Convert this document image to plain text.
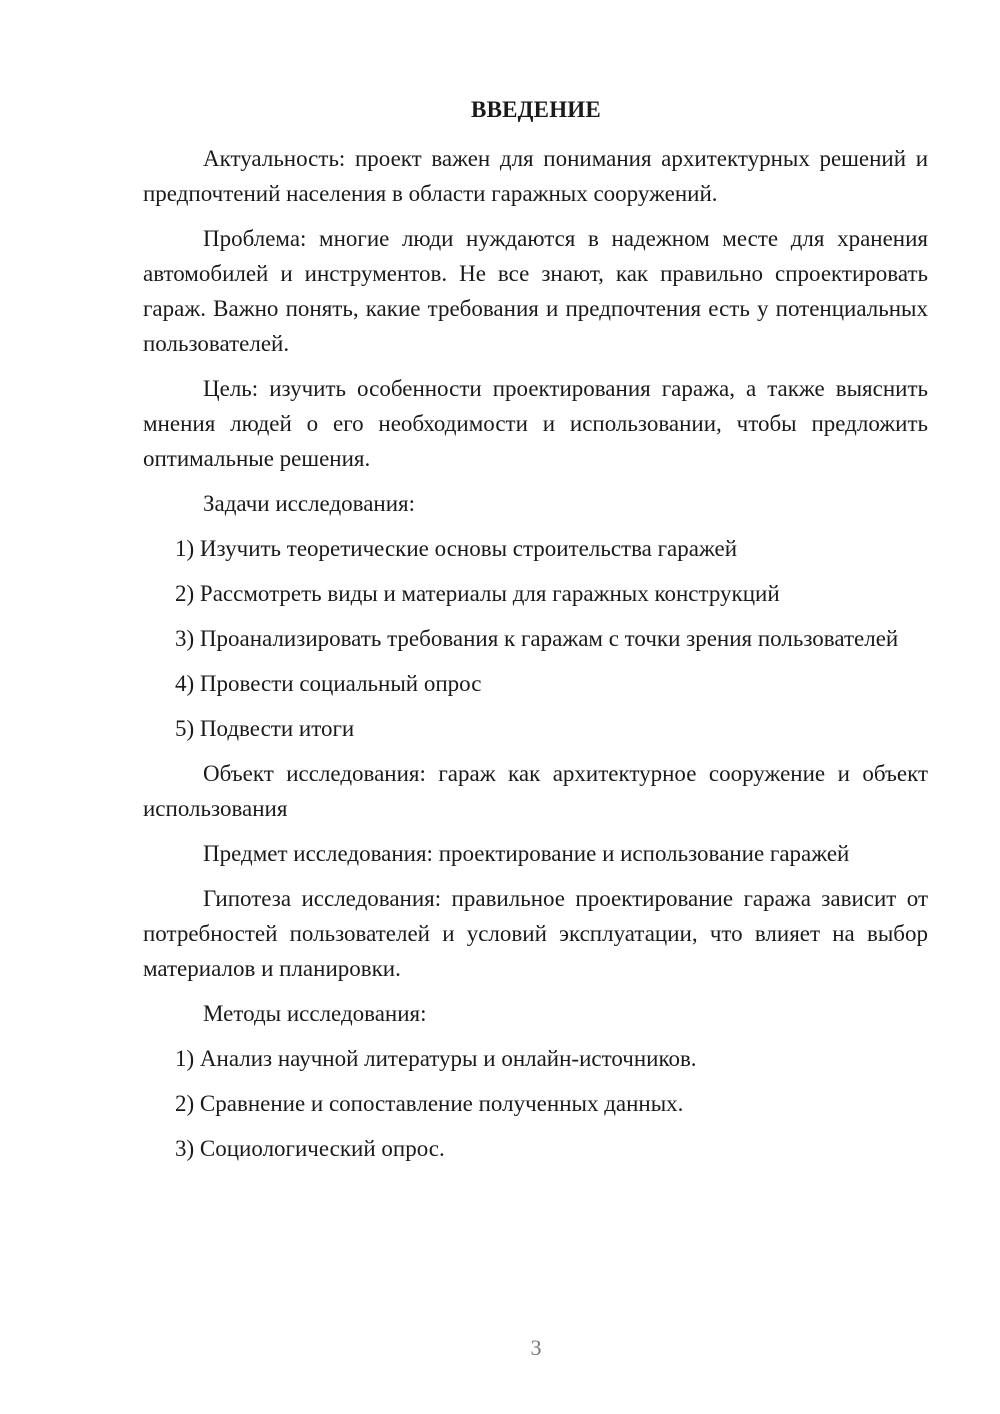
ВВЕДЕНИЕ

Актуальность: проект важен для понимания архитектурных решений и предпочтений населения в области гаражных сооружений.

Проблема: многие люди нуждаются в надежном месте для хранения автомобилей и инструментов. Не все знают, как правильно спроектировать гараж. Важно понять, какие требования и предпочтения есть у потенциальных пользователей.

Цель: изучить особенности проектирования гаража, а также выяснить мнения людей о его необходимости и использовании, чтобы предложить оптимальные решения.

Задачи исследования:

1) Изучить теоретические основы строительства гаражей

2) Рассмотреть виды и материалы для гаражных конструкций

3) Проанализировать требования к гаражам с точки зрения пользователей

4) Провести социальный опрос

5) Подвести итоги

Объект исследования: гараж как архитектурное сооружение и объект использования

Предмет исследования: проектирование и использование гаражей

Гипотеза исследования: правильное проектирование гаража зависит от потребностей пользователей и условий эксплуатации, что влияет на выбор материалов и планировки.

Методы исследования:

1) Анализ научной литературы и онлайн-источников.

2) Сравнение и сопоставление полученных данных.

3) Социологический опрос.

3
